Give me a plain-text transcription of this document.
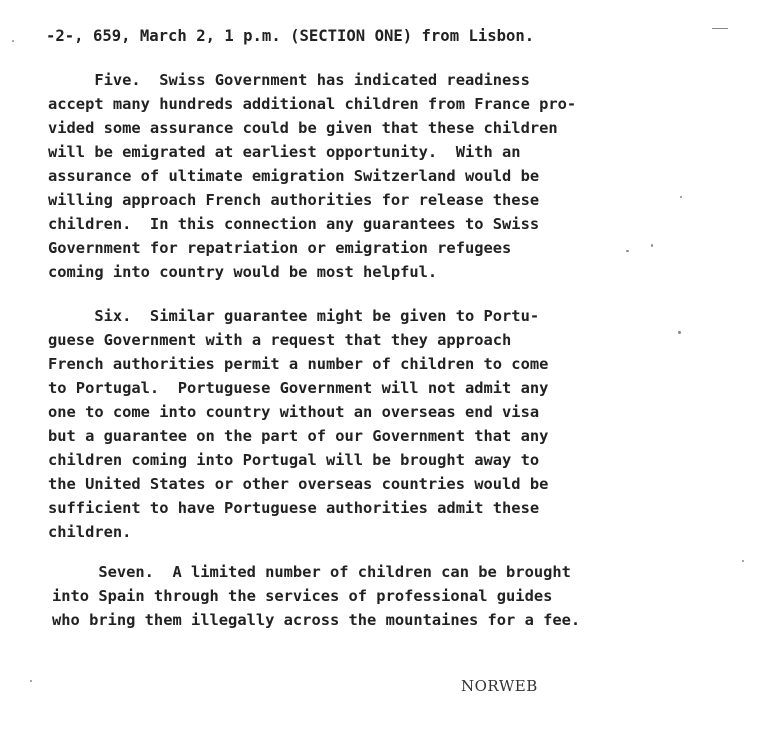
-2-, 659, March 2, 1 p.m. (SECTION ONE) from Lisbon.
Five.  Swiss Government has indicated readiness
accept many hundreds additional children from France pro-
vided some assurance could be given that these children
will be emigrated at earliest opportunity.  With an
assurance of ultimate emigration Switzerland would be
willing approach French authorities for release these
children.  In this connection any guarantees to Swiss
Government for repatriation or emigration refugees
coming into country would be most helpful.
Six.  Similar guarantee might be given to Portu-
guese Government with a request that they approach
French authorities permit a number of children to come
to Portugal.  Portuguese Government will not admit any
one to come into country without an overseas end visa
but a guarantee on the part of our Government that any
children coming into Portugal will be brought away to
the United States or other overseas countries would be
sufficient to have Portuguese authorities admit these
children.
Seven.  A limited number of children can be brought
into Spain through the services of professional guides
who bring them illegally across the mountaines for a fee.
NORWEB
